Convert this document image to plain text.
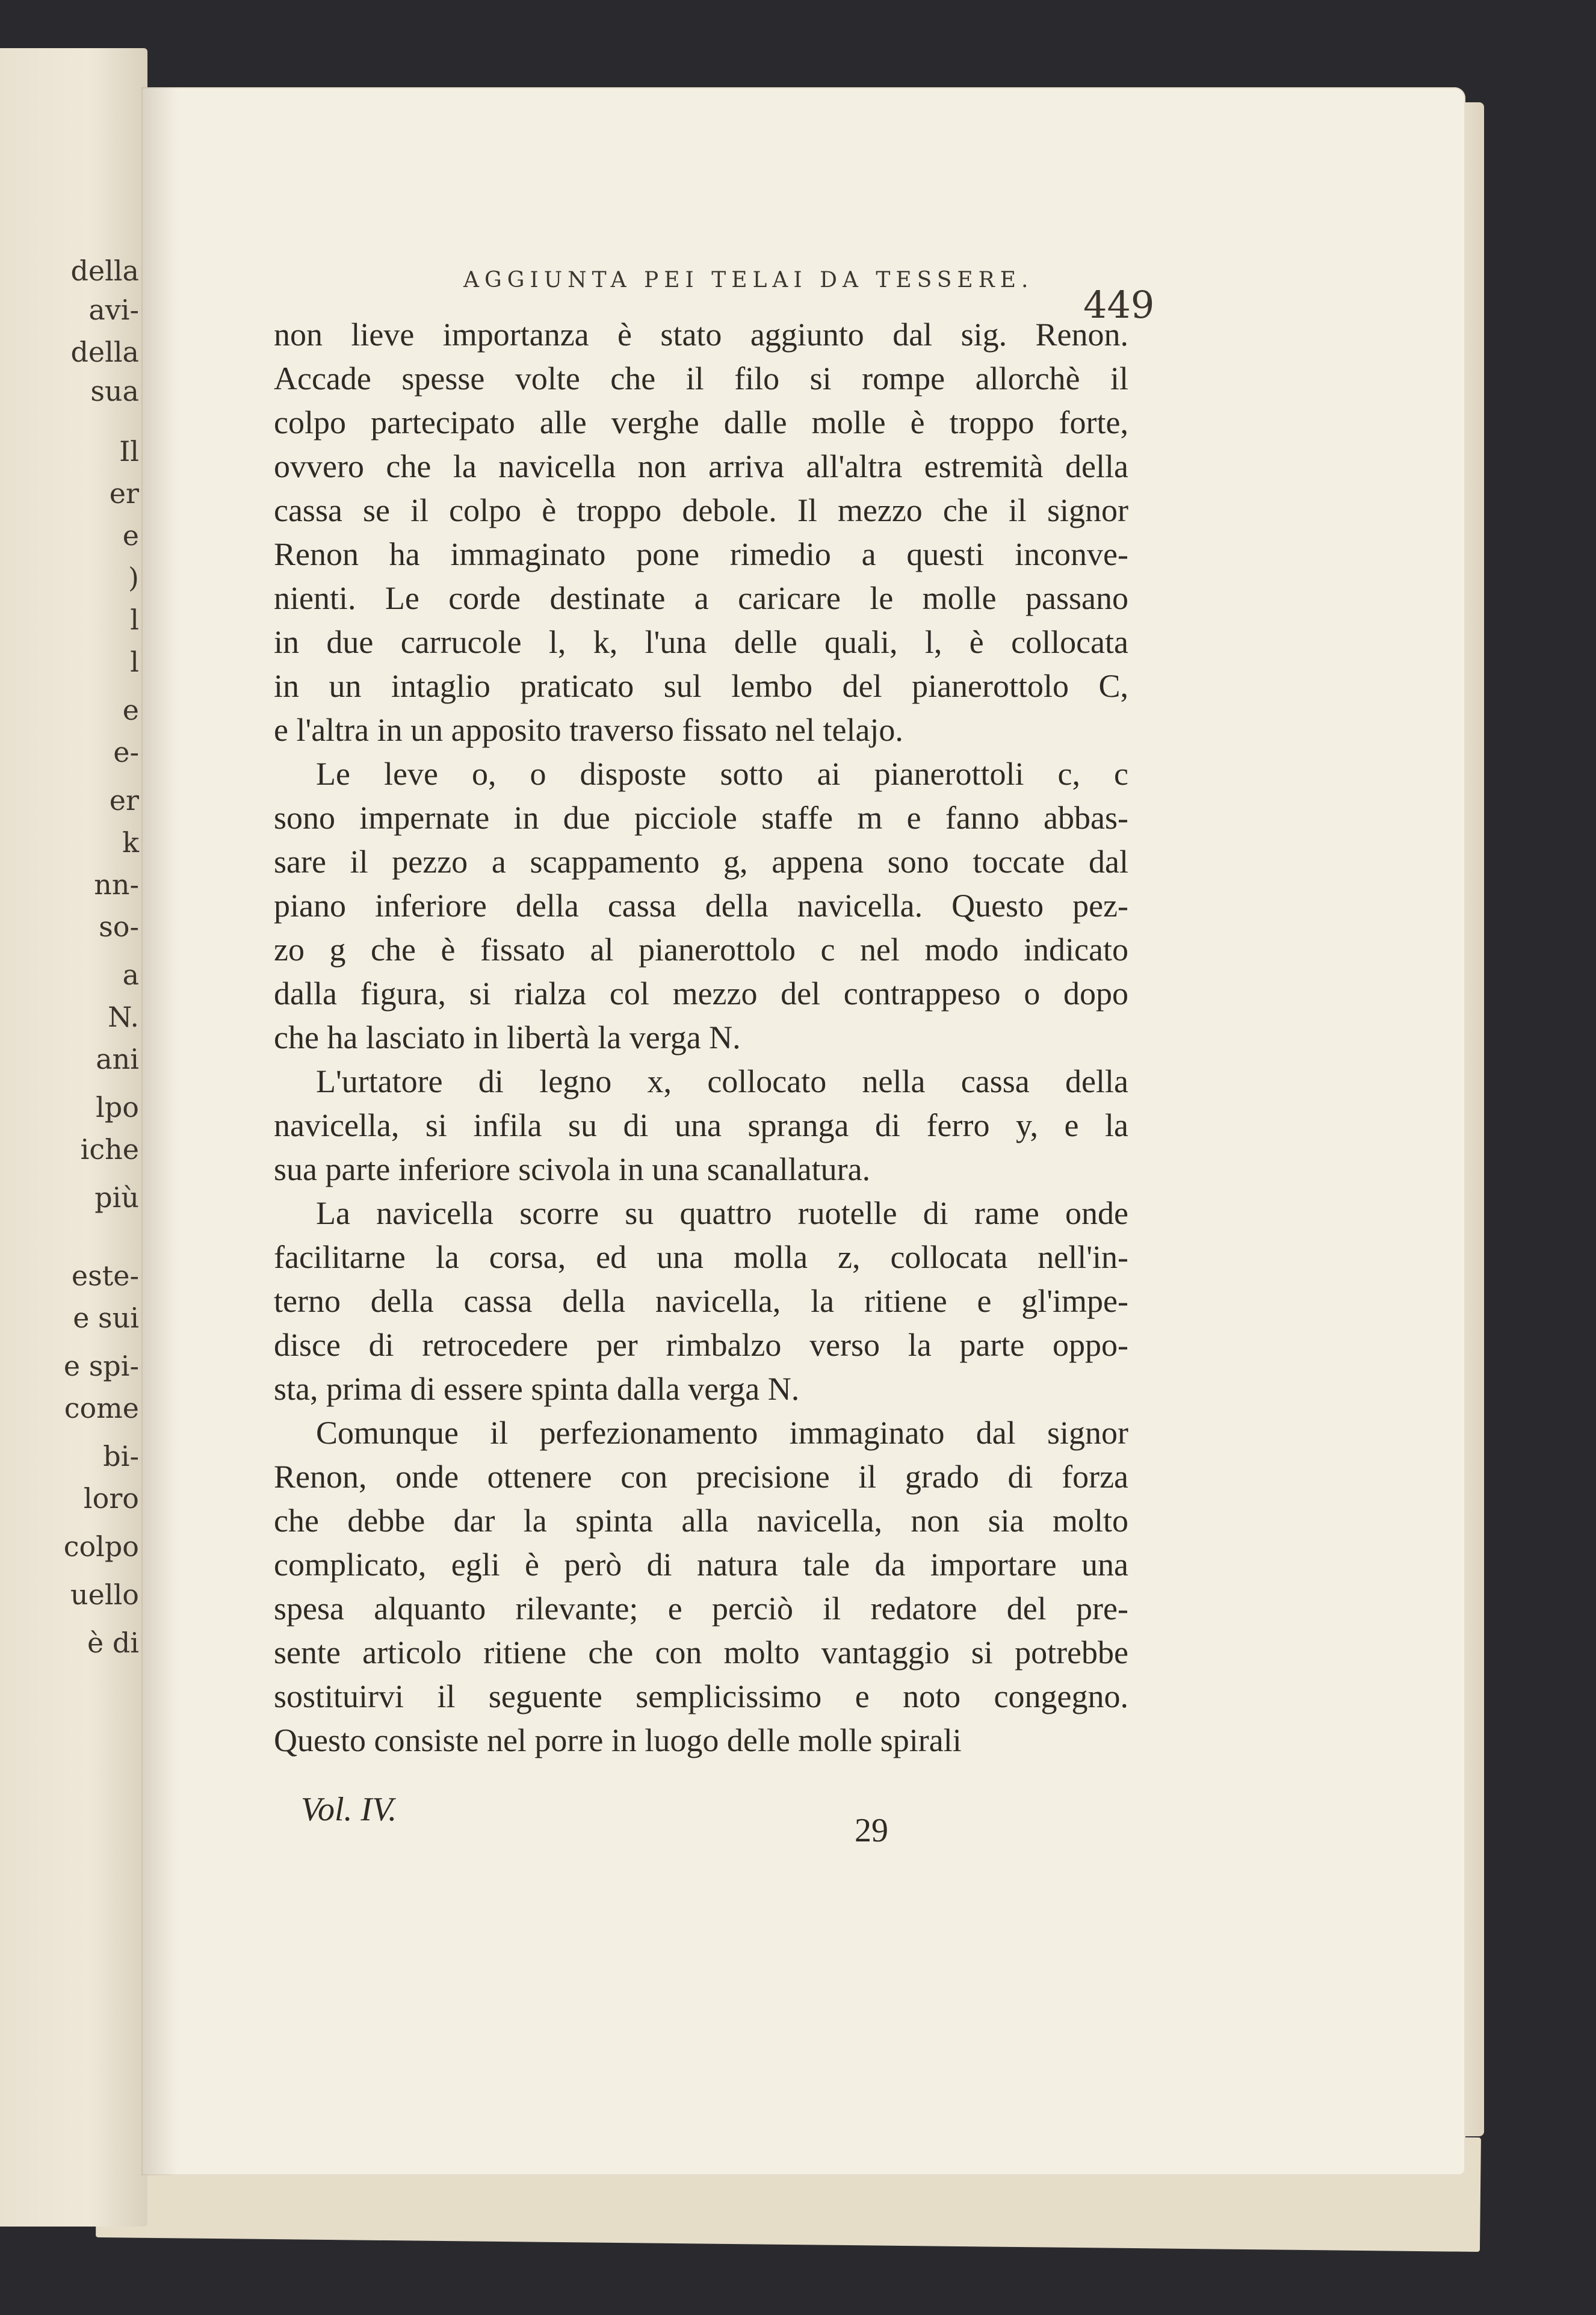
della
avi-
della
sua
Il
er
e
)
l
l
e
e-
er
k
nn-
so-
a
N.
ani
lpo
iche
più
este-
e sui
e spi-
come
bi-
loro
colpo
uello
è di
AGGIUNTA PEI TELAI DA TESSERE.
449
non lieve importanza è stato aggiunto dal sig. Renon.
Accade spesse volte che il filo si rompe allorchè il
colpo partecipato alle verghe dalle molle è troppo forte,
ovvero che la navicella non arriva all'altra estremità della
cassa se il colpo è troppo debole. Il mezzo che il signor
Renon ha immaginato pone rimedio a questi inconve-
nienti. Le corde destinate a caricare le molle passano
in due carrucole l, k, l'una delle quali, l, è collocata
in un intaglio praticato sul lembo del pianerottolo C,
e l'altra in un apposito traverso fissato nel telajo.
Le leve o, o disposte sotto ai pianerottoli c, c
sono impernate in due picciole staffe m e fanno abbas-
sare il pezzo a scappamento g, appena sono toccate dal
piano inferiore della cassa della navicella. Questo pez-
zo g che è fissato al pianerottolo c nel modo indicato
dalla figura, si rialza col mezzo del contrappeso o dopo
che ha lasciato in libertà la verga N.
L'urtatore di legno x, collocato nella cassa della
navicella, si infila su di una spranga di ferro y, e la
sua parte inferiore scivola in una scanallatura.
La navicella scorre su quattro ruotelle di rame onde
facilitarne la corsa, ed una molla z, collocata nell'in-
terno della cassa della navicella, la ritiene e gl'impe-
disce di retrocedere per rimbalzo verso la parte oppo-
sta, prima di essere spinta dalla verga N.
Comunque il perfezionamento immaginato dal signor
Renon, onde ottenere con precisione il grado di forza
che debbe dar la spinta alla navicella, non sia molto
complicato, egli è però di natura tale da importare una
spesa alquanto rilevante; e perciò il redatore del pre-
sente articolo ritiene che con molto vantaggio si potrebbe
sostituirvi il seguente semplicissimo e noto congegno.
Questo consiste nel porre in luogo delle molle spirali
Vol. IV.
29
